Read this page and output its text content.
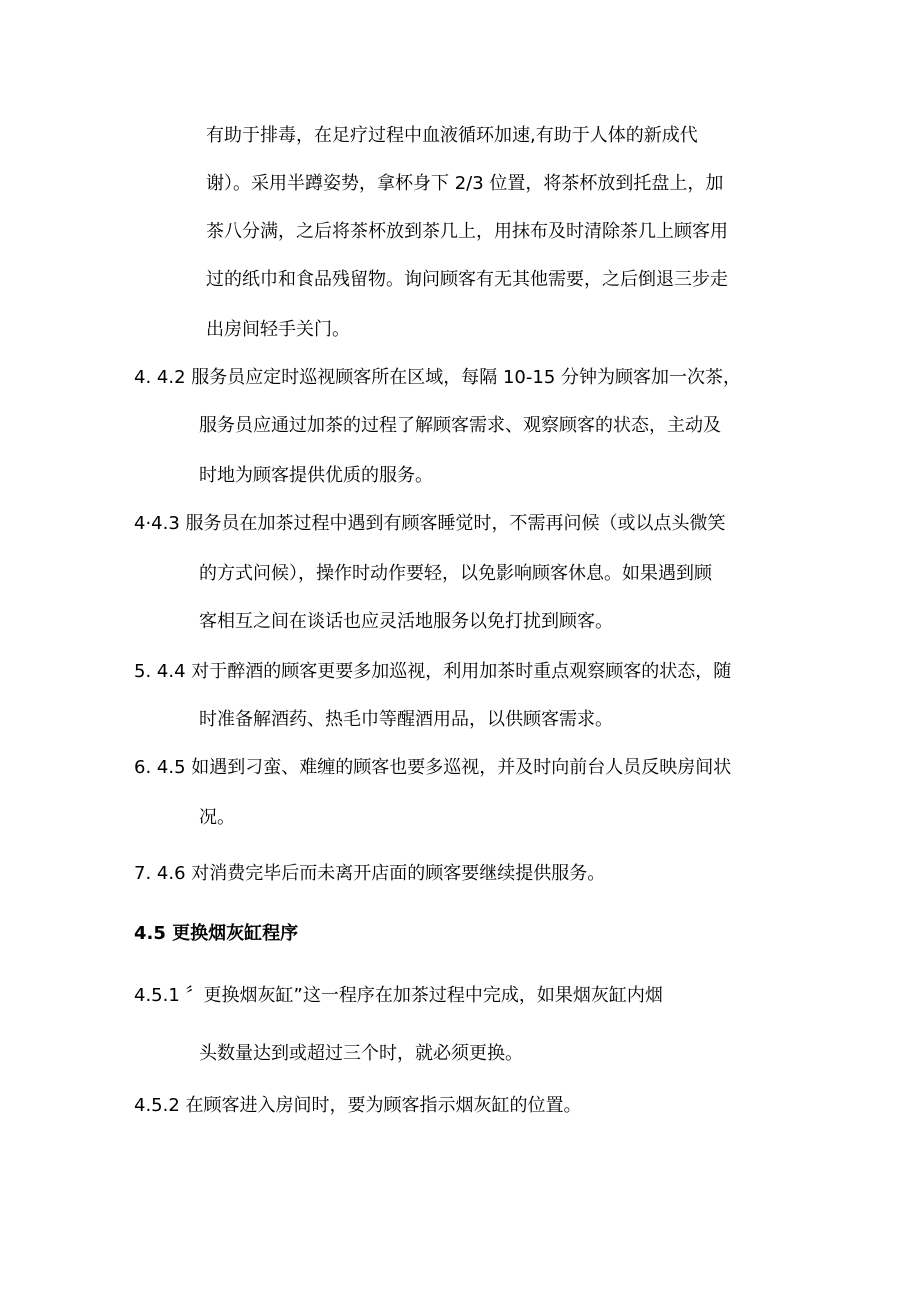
有助于排毒，在足疗过程中血液循环加速,有助于人体的新成代

谢）。采用半蹲姿势，拿杯身下 2/3 位置，将茶杯放到托盘上，加

茶八分满，之后将茶杯放到茶几上，用抹布及时清除茶几上顾客用

过的纸巾和食品残留物。询问顾客有无其他需要，之后倒退三步走

出房间轻手关门。

4. 4.2 服务员应定时巡视顾客所在区域，每隔 10-15 分钟为顾客加一次茶，

服务员应通过加茶的过程了解顾客需求、观察顾客的状态，主动及

时地为顾客提供优质的服务。

4·4.3 服务员在加茶过程中遇到有顾客睡觉时，不需再问候（或以点头微笑

的方式问候），操作时动作要轻，以免影响顾客休息。如果遇到顾

客相互之间在谈话也应灵活地服务以免打扰到顾客。

5. 4.4 对于醉酒的顾客更要多加巡视，利用加茶时重点观察顾客的状态，随

时准备解酒药、热毛巾等醒酒用品，以供顾客需求。

6. 4.5 如遇到刁蛮、难缠的顾客也要多巡视，并及时向前台人员反映房间状

况。

7. 4.6 对消费完毕后而未离开店面的顾客要继续提供服务。

4.5 更换烟灰缸程序

4.5.1 〞更换烟灰缸”这一程序在加茶过程中完成，如果烟灰缸内烟

头数量达到或超过三个时，就必须更换。

4.5.2 在顾客进入房间时，要为顾客指示烟灰缸的位置。
